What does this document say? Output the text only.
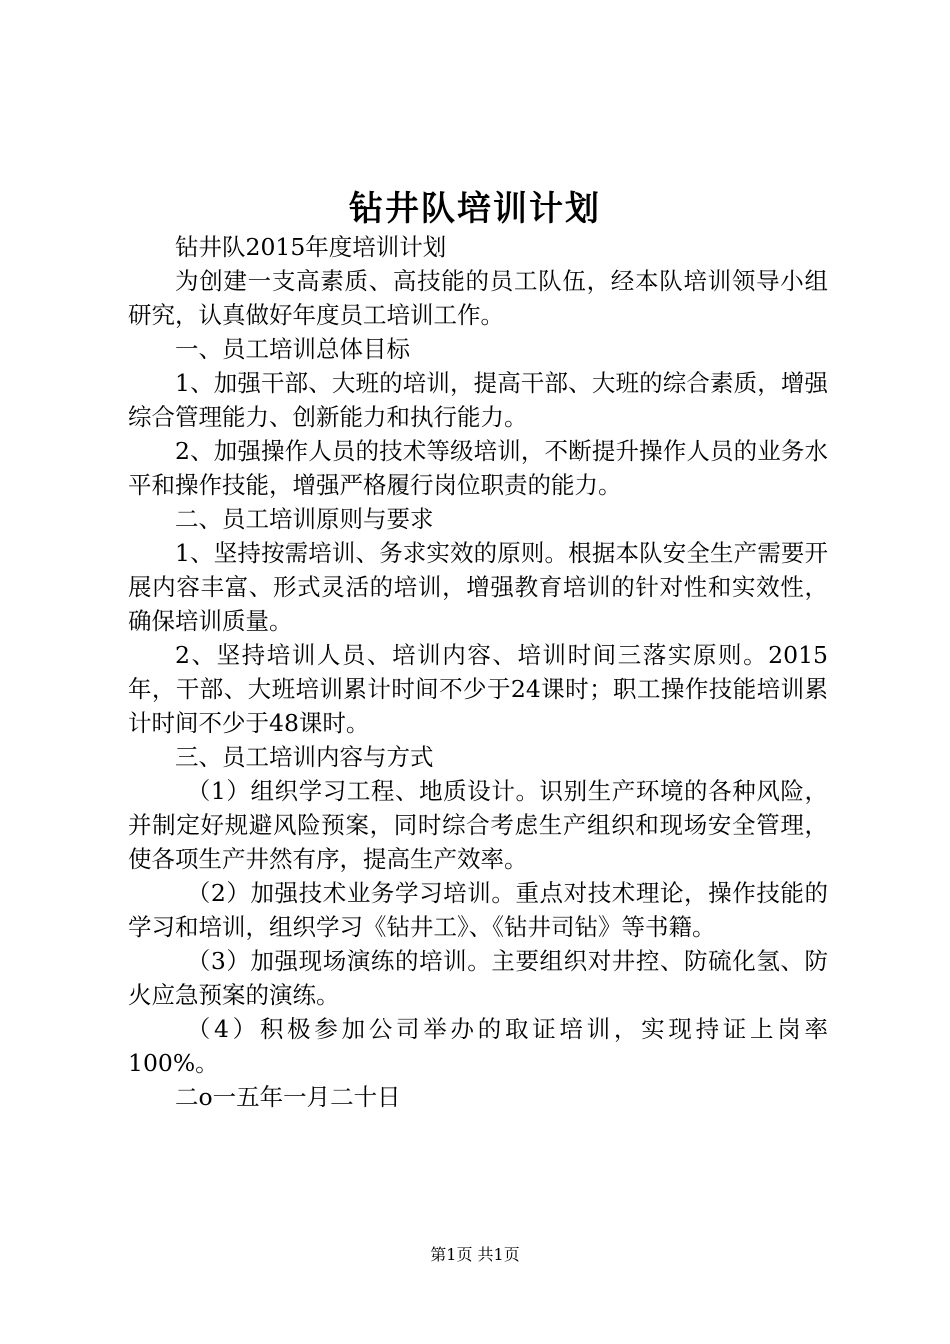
钻井队培训计划

钻井队2015年度培训计划

为创建一支高素质、高技能的员工队伍，经本队培训领导小组研究，认真做好年度员工培训工作。

一、员工培训总体目标

1、加强干部、大班的培训，提高干部、大班的综合素质，增强综合管理能力、创新能力和执行能力。

2、加强操作人员的技术等级培训，不断提升操作人员的业务水平和操作技能，增强严格履行岗位职责的能力。

二、员工培训原则与要求

1、坚持按需培训、务求实效的原则。根据本队安全生产需要开展内容丰富、形式灵活的培训，增强教育培训的针对性和实效性，确保培训质量。

2、坚持培训人员、培训内容、培训时间三落实原则。2015年，干部、大班培训累计时间不少于24课时；职工操作技能培训累计时间不少于48课时。

三、员工培训内容与方式

（1）组织学习工程、地质设计。识别生产环境的各种风险，并制定好规避风险预案，同时综合考虑生产组织和现场安全管理，使各项生产井然有序，提高生产效率。

（2）加强技术业务学习培训。重点对技术理论，操作技能的学习和培训，组织学习《钻井工》、《钻井司钻》等书籍。

（3）加强现场演练的培训。主要组织对井控、防硫化氢、防火应急预案的演练。

（4）积极参加公司举办的取证培训，实现持证上岗率100%。

二o一五年一月二十日

第1页 共1页
